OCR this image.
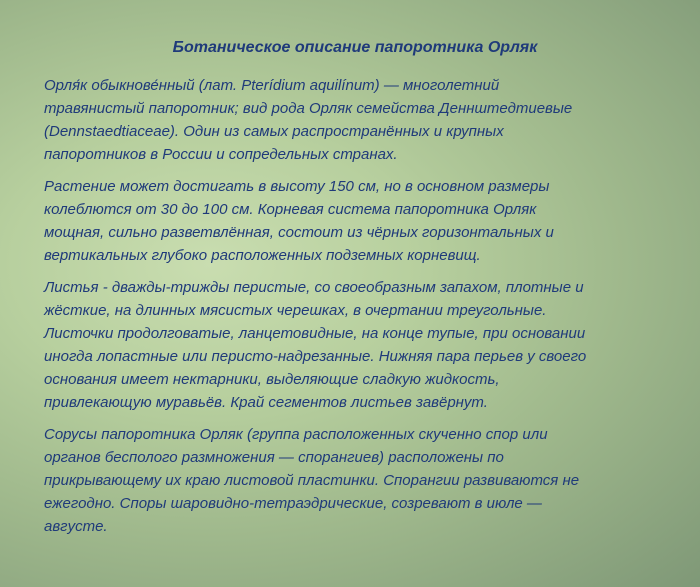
Ботаническое описание папоротника Орляк
Орля́к обыкнове́нный (лат. Pterídium aquilínum) — многолетний
травянистый папоротник; вид рода Орляк семейства Деннштедтиевые
(Dennstaedtiaceae). Один из самых распространённых и крупных
папоротников в России и сопредельных странах.
Растение может достигать в высоту 150 см, но в основном размеры
колеблются от 30 до 100 см. Корневая система папоротника Орляк
мощная, сильно разветвлённая, состоит из чёрных горизонтальных и
вертикальных глубоко расположенных подземных корневищ.
Листья - дважды-трижды перистые, со своеобразным запахом, плотные и
жёсткие, на длинных мясистых черешках, в очертании треугольные.
Листочки продолговатые, ланцетовидные, на конце тупые, при основании
иногда лопастные или перисто-надрезанные. Нижняя пара перьев у своего
основания имеет нектарники, выделяющие сладкую жидкость,
привлекающую муравьёв. Край сегментов листьев завёрнут.
Сорусы папоротника Орляк (группа расположенных скученно спор или
органов бесполого размножения — спорангиев) расположены по
прикрывающему их краю листовой пластинки. Спорангии развиваются не
ежегодно. Споры шаровидно-тетраэдрические, созревают в июле —
августе.
